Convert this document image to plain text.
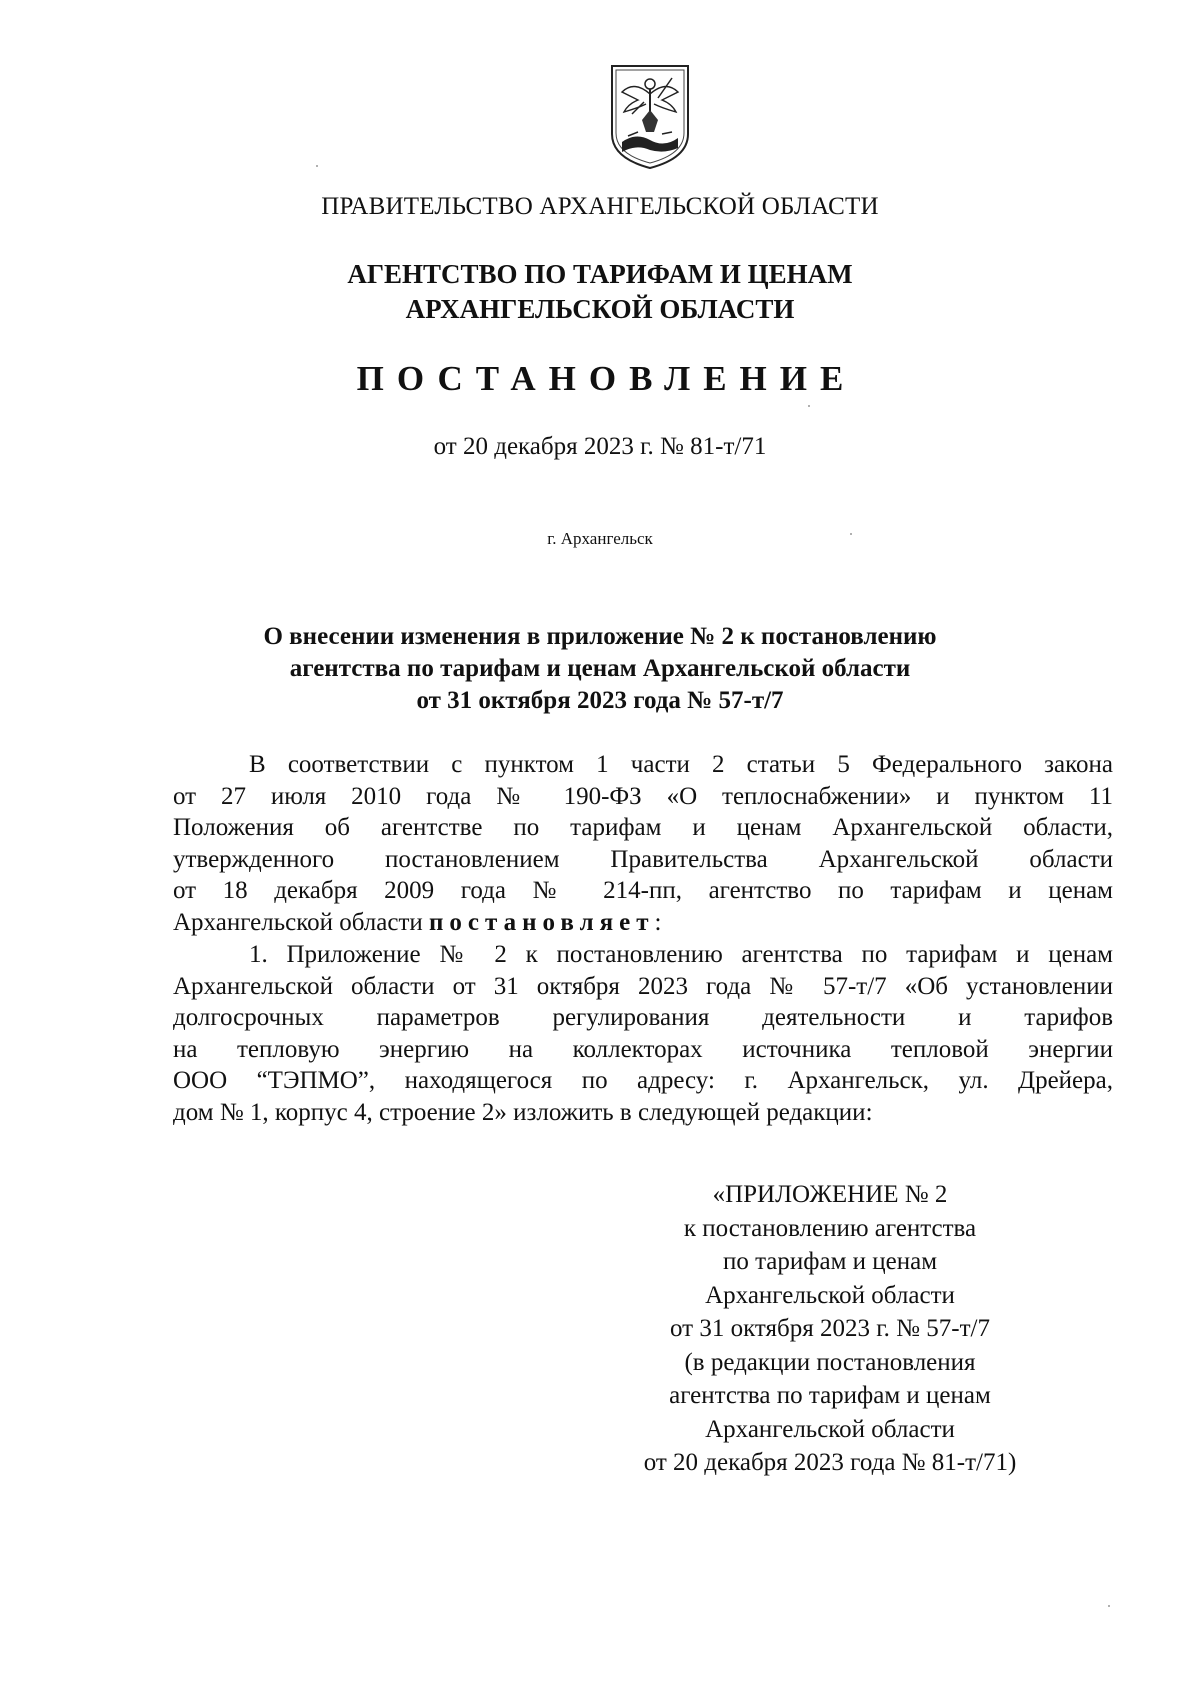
ПРАВИТЕЛЬСТВО АРХАНГЕЛЬСКОЙ ОБЛАСТИ
АГЕНТСТВО ПО ТАРИФАМ И ЦЕНАМ
АРХАНГЕЛЬСКОЙ ОБЛАСТИ
ПОСТАНОВЛЕНИЕ
от 20 декабря 2023 г. № 81-т/71
г. Архангельск
О внесении изменения в приложение № 2 к постановлению
агентства по тарифам и ценам Архангельской области
от 31 октября 2023 года № 57-т/7
В соответствии с пунктом 1 части 2 статьи 5 Федерального закона
от 27 июля 2010 года № 190-ФЗ «О теплоснабжении» и пунктом 11
Положения об агентстве по тарифам и ценам Архангельской области,
утвержденного постановлением Правительства Архангельской области
от 18 декабря 2009 года № 214-пп, агентство по тарифам и ценам
Архангельской области постановляет:
1. Приложение № 2 к постановлению агентства по тарифам и ценам
Архангельской области от 31 октября 2023 года № 57-т/7 «Об установлении
долгосрочных параметров регулирования деятельности и тарифов
на тепловую энергию на коллекторах источника тепловой энергии
ООО “ТЭПМО”, находящегося по адресу: г. Архангельск, ул. Дрейера,
дом № 1, корпус 4, строение 2» изложить в следующей редакции:
«ПРИЛОЖЕНИЕ № 2
к постановлению агентства
по тарифам и ценам
Архангельской области
от 31 октября 2023 г. № 57-т/7
(в редакции постановления
агентства по тарифам и ценам
Архангельской области
от 20 декабря 2023 года № 81-т/71)
